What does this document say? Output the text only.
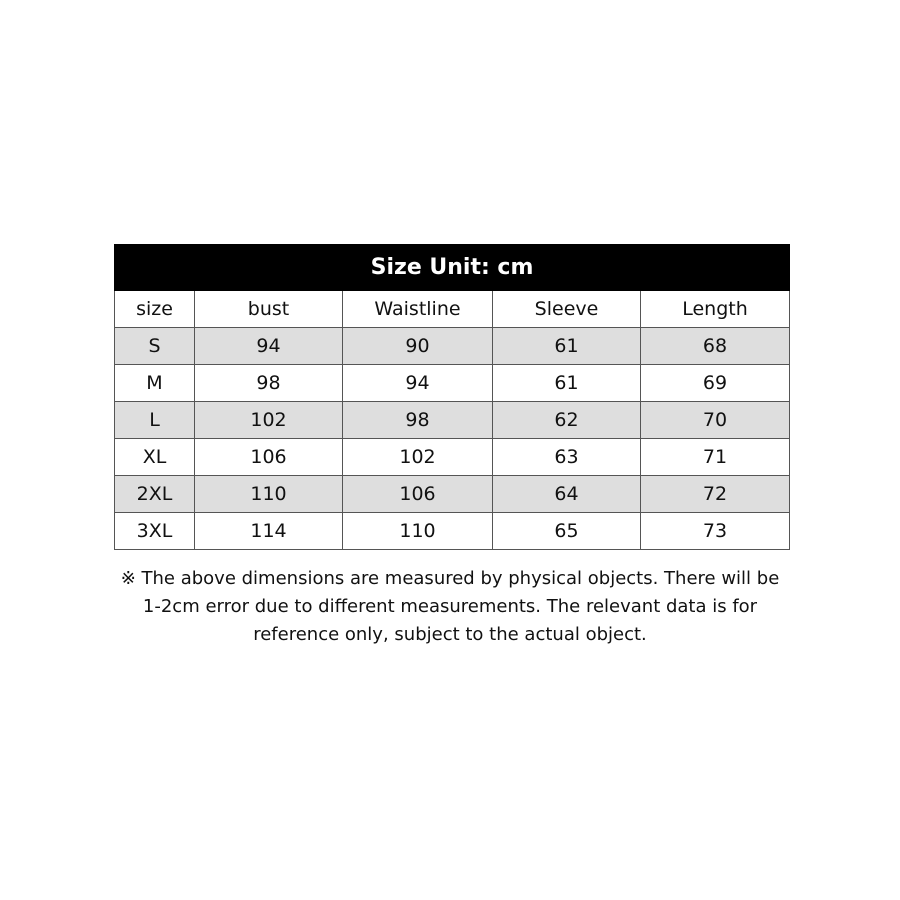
Size Unit: cm				
size	bust	Waistline	Sleeve	Length
S	94	90	61	68
M	98	94	61	69
L	102	98	62	70
XL	106	102	63	71
2XL	110	106	64	72
3XL	114	110	65	73
※ The above dimensions are measured by physical objects. There will be
1-2cm error due to different measurements. The relevant data is for
reference only, subject to the actual object.
